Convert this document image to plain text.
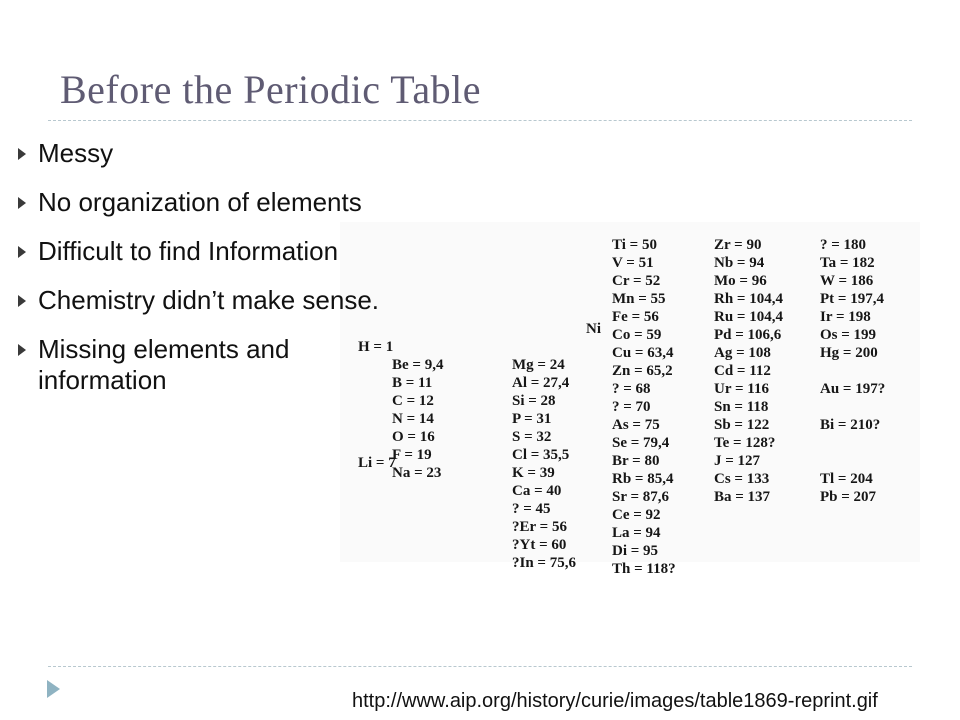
Before the Periodic Table
Messy
No organization of elements
Difficult to find Information
Chemistry didn’t make sense.
Missing elements and information
H = 1
Li = 7
Ni
Be = 9,4
B = 11
C = 12
N = 14
O = 16
F = 19
Na = 23
Mg = 24
Al = 27,4
Si = 28
P = 31
S = 32
Cl = 35,5
K = 39
Ca = 40
? = 45
?Er = 56
?Yt = 60
?In = 75,6
Ti = 50
V = 51
Cr = 52
Mn = 55
Fe = 56
Co = 59
Cu = 63,4
Zn = 65,2
? = 68
? = 70
As = 75
Se = 79,4
Br = 80
Rb = 85,4
Sr = 87,6
Ce = 92
La = 94
Di = 95
Th = 118?
Zr = 90
Nb = 94
Mo = 96
Rh = 104,4
Ru = 104,4
Pd = 106,6
Ag = 108
Cd = 112
Ur = 116
Sn = 118
Sb = 122
Te = 128?
J = 127
Cs = 133
Ba = 137
? = 180
Ta = 182
W = 186
Pt = 197,4
Ir = 198
Os = 199
Hg = 200
Au = 197?
Bi = 210?
Tl = 204
Pb = 207
http://www.aip.org/history/curie/images/table1869-reprint.gif
